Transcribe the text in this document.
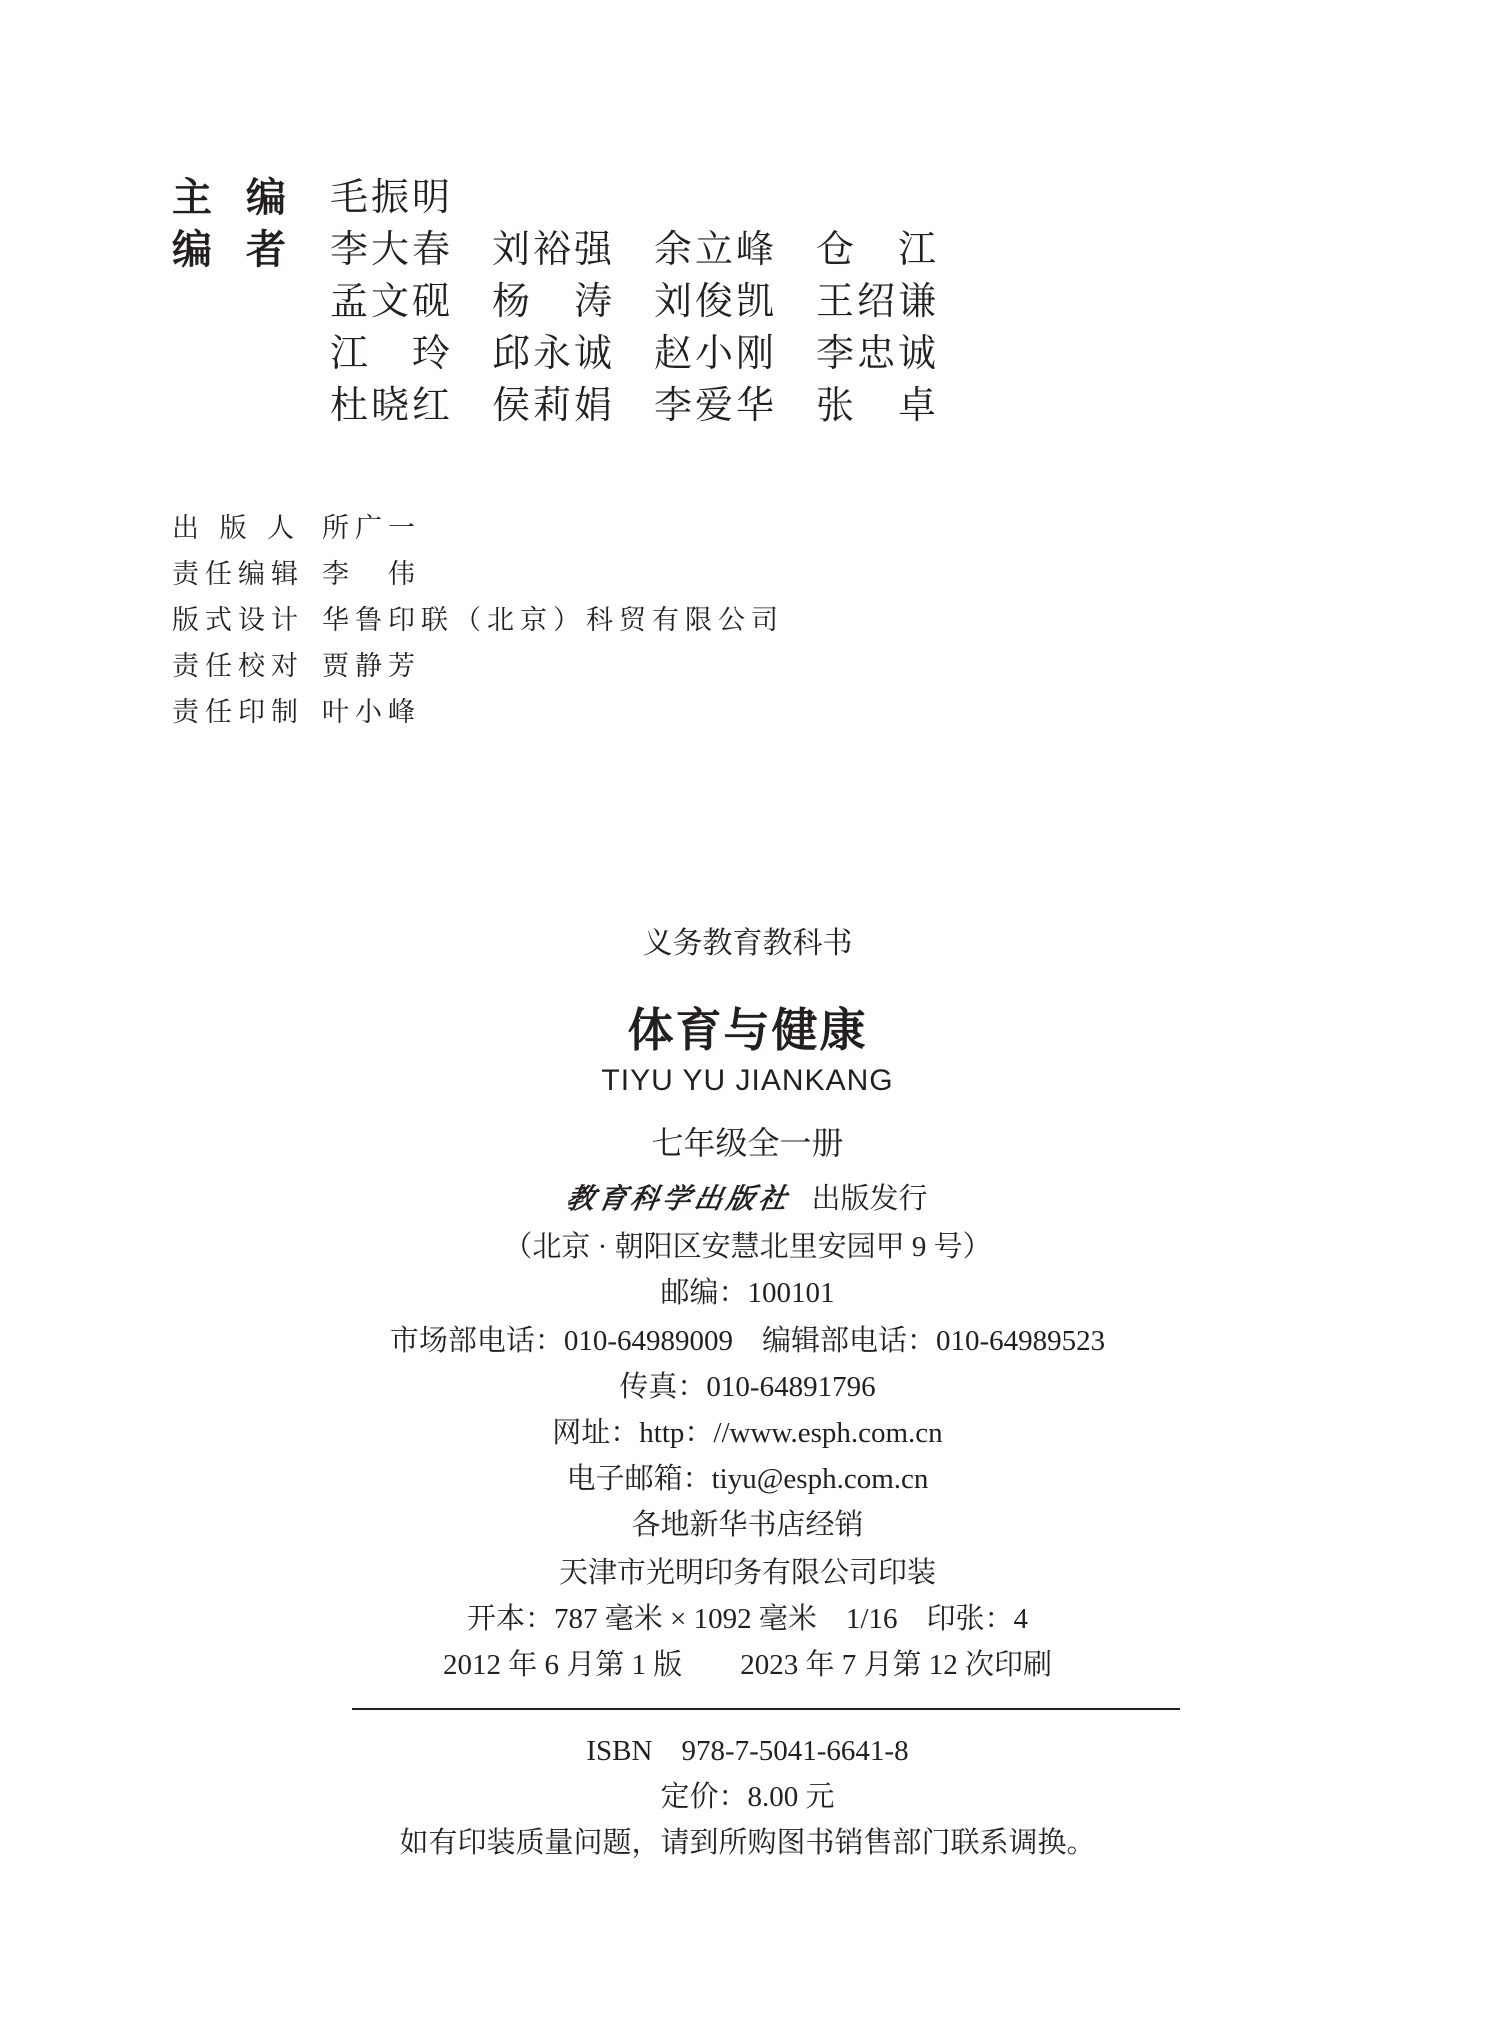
主编 毛振明
编者 李大春 刘裕强 余立峰 仓　江
孟文砚 杨　涛 刘俊凯 王绍谦
江　玲 邱永诚 赵小刚 李忠诚
杜晓红 侯莉娟 李爱华 张　卓
出 版 人 所广一
责任编辑 李　伟
版式设计 华鲁印联（北京）科贸有限公司
责任校对 贾静芳
责任印制 叶小峰
义务教育教科书
体育与健康
TIYU YU JIANKANG
七年级全一册
教育科学出版社 出版发行
（北京 · 朝阳区安慧北里安园甲 9 号）
邮编：100101
市场部电话：010-64989009　编辑部电话：010-64989523
传真：010-64891796
网址：http：//www.esph.com.cn
电子邮箱：tiyu@esph.com.cn
各地新华书店经销
天津市光明印务有限公司印装
开本：787 毫米 × 1092 毫米　1/16　印张：4
2012 年 6 月第 1 版　　2023 年 7 月第 12 次印刷
ISBN　978-7-5041-6641-8
定价：8.00 元
如有印装质量问题，请到所购图书销售部门联系调换。
